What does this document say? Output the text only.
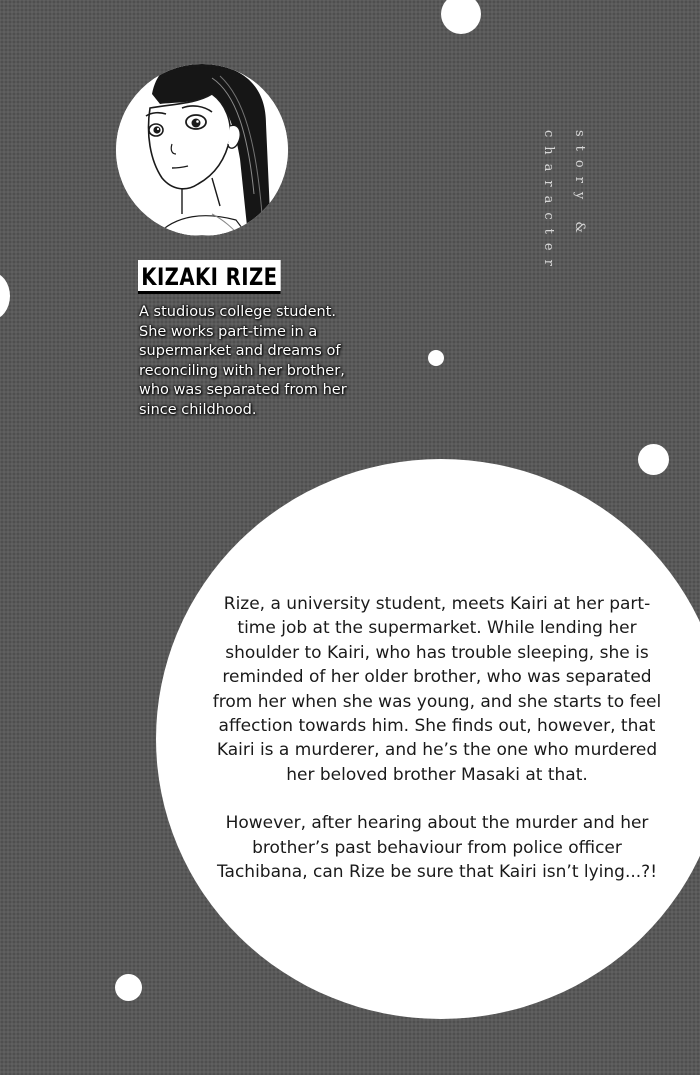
story &
character
KIZAKI RIZE

A studious college student. She works part-time in a supermarket and dreams of reconciling with her brother, who was separated from her since childhood.

Rize, a university student, meets Kairi at her part-time job at the supermarket. While lending her shoulder to Kairi, who has trouble sleeping, she is reminded of her older brother, who was separated from her when she was young, and she starts to feel affection towards him. She finds out, however, that Kairi is a murderer, and he’s the one who murdered her beloved brother Masaki at that.

However, after hearing about the murder and her brother’s past behaviour from police officer Tachibana, can Rize be sure that Kairi isn’t lying...?!
